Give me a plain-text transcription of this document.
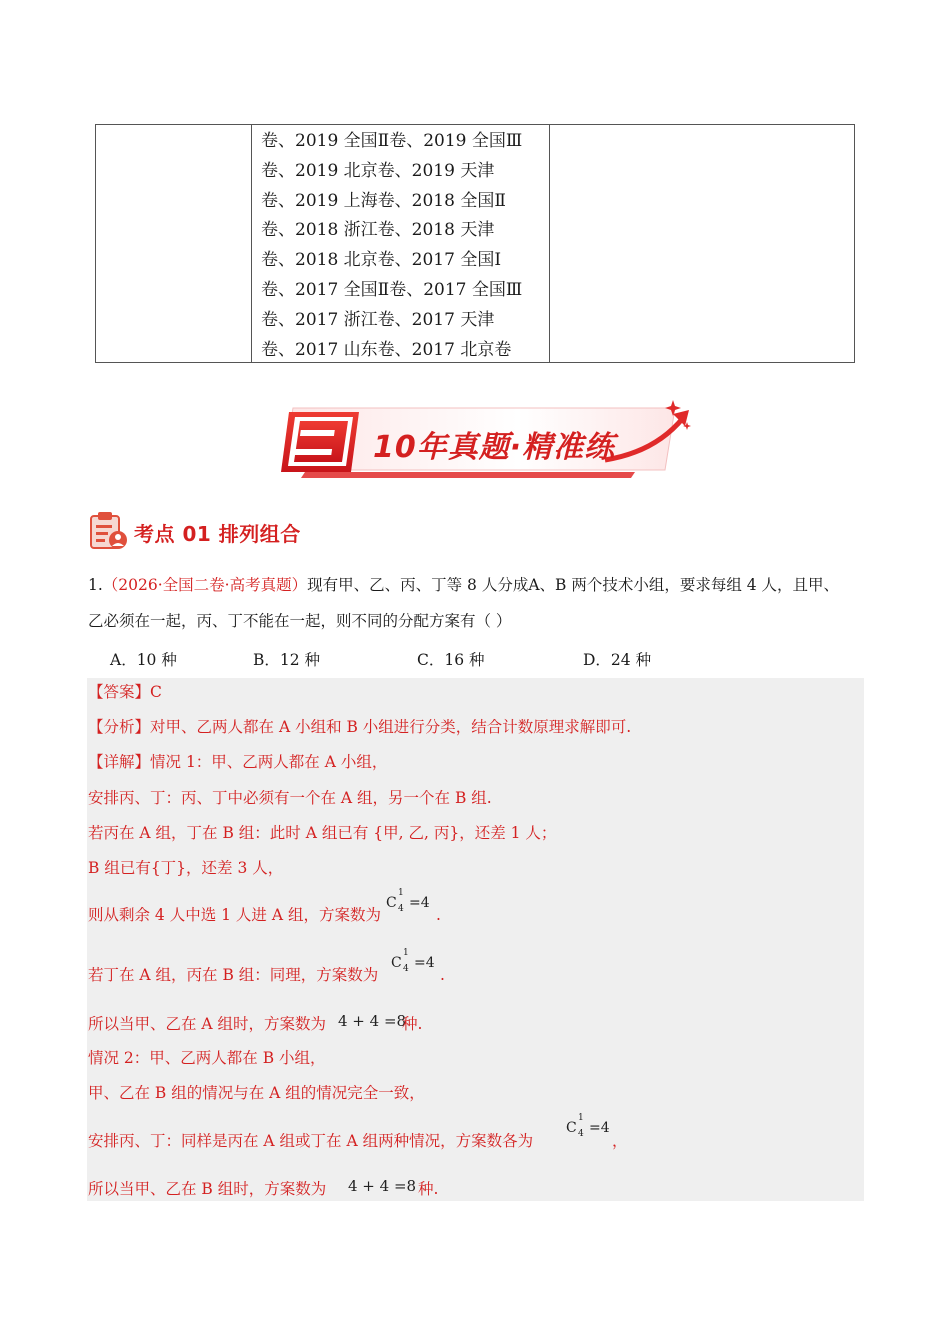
卷、2019 全国Ⅱ卷、2019 全国Ⅲ
卷、2019 北京卷、2019 天津
卷、2019 上海卷、2018 全国Ⅱ
卷、2018 浙江卷、2018 天津
卷、2018 北京卷、2017 全国Ⅰ
卷、2017 全国Ⅱ卷、2017 全国Ⅲ
卷、2017 浙江卷、2017 天津
卷、2017 山东卷、2017 北京卷
10年真题·精准练
考点 01 排列组合
1.（2026·全国二卷·高考真题）现有甲、乙、丙、丁等 8 人分成A、B 两个技术小组，要求每组 4 人，且甲、
乙必须在一起，丙、丁不能在一起，则不同的分配方案有（ ）
A．10 种	B．12 种	C．16 种	D．24 种
【答案】C
【分析】对甲、乙两人都在 A 小组和 B 小组进行分类，结合计数原理求解即可.
【详解】情况 1：甲、乙两人都在 A 小组，
安排丙、丁：丙、丁中必须有一个在 A 组，另一个在 B 组.
若丙在 A 组，丁在 B 组：此时 A 组已有 {甲, 乙, 丙}，还差 1 人；
B 组已有{丁}，还差 3 人，
则从剩余 4 人中选 1 人进 A 组，方案数为
C
1
4 =4
.
若丁在 A 组，丙在 B 组：同理，方案数为
C
1
4 =4
.
所以当甲、乙在 A 组时，方案数为 4 + 4 =8
种.
情况 2：甲、乙两人都在 B 小组，
甲、乙在 B 组的情况与在 A 组的情况完全一致，
安排丙、丁：同样是丙在 A 组或丁在 A 组两种情况，方案数各为
C
1
4 =4
，
所以当甲、乙在 B 组时，方案数为 4 + 4 =8 种.
